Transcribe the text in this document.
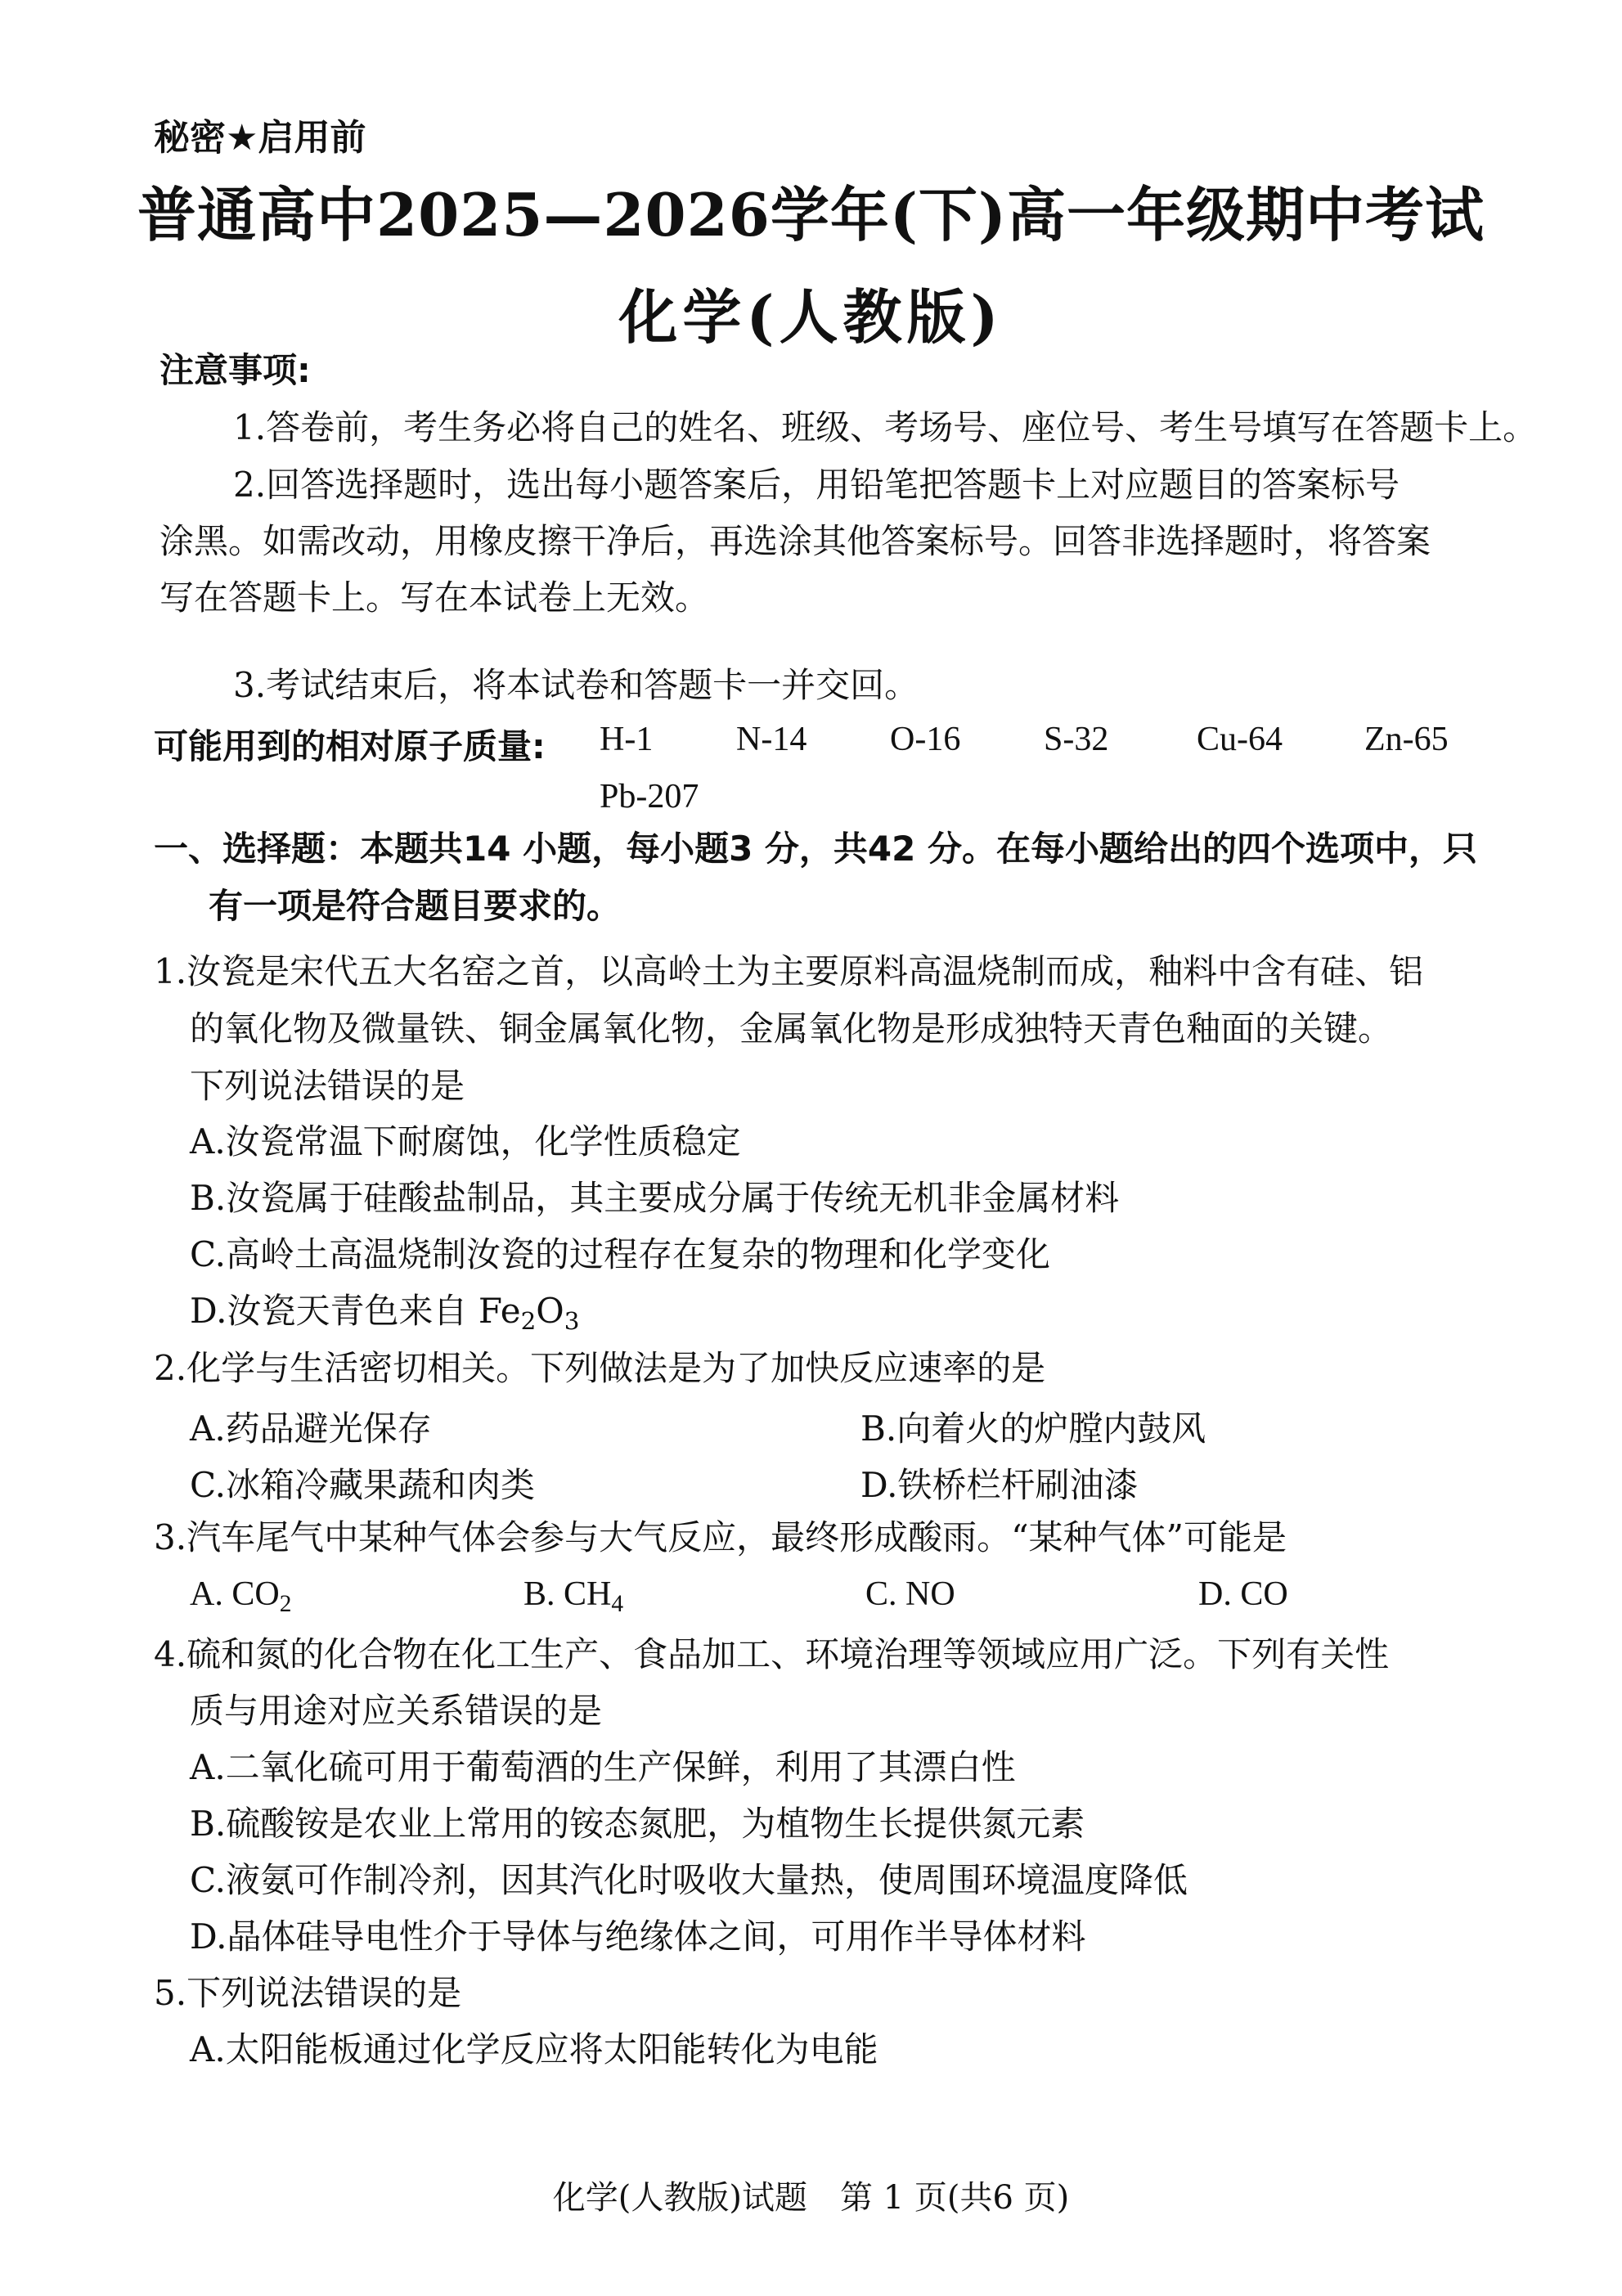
秘密★启用前
普通高中2025—2026学年(下)高一年级期中考试
化学(人教版)
注意事项:
1.答卷前，考生务必将自己的姓名、班级、考场号、座位号、考生号填写在答题卡上。
2.回答选择题时，选出每小题答案后，用铅笔把答题卡上对应题目的答案标号
涂黑。如需改动，用橡皮擦干净后，再选涂其他答案标号。回答非选择题时，将答案
写在答题卡上。写在本试卷上无效。
3.考试结束后，将本试卷和答题卡一并交回。
可能用到的相对原子质量: H-1 N-14 O-16 S-32	Cu-64 Zn-65
Pb-207
一、选择题：本题共14 小题，每小题3 分，共42 分。在每小题给出的四个选项中，只
有一项是符合题目要求的。
1.汝瓷是宋代五大名窑之首，以高岭土为主要原料高温烧制而成，釉料中含有硅、铝
的氧化物及微量铁、铜金属氧化物，金属氧化物是形成独特天青色釉面的关键。
下列说法错误的是
A.汝瓷常温下耐腐蚀，化学性质稳定
B.汝瓷属于硅酸盐制品，其主要成分属于传统无机非金属材料
C.高岭土高温烧制汝瓷的过程存在复杂的物理和化学变化
D.汝瓷天青色来自 $Fe_2O_3$
2.化学与生活密切相关。下列做法是为了加快反应速率的是
A.药品避光保存	B.向着火的炉膛内鼓风
C.冰箱冷藏果蔬和肉类	D.铁桥栏杆刷油漆
3.汽车尾气中某种气体会参与大气反应，最终形成酸雨。“某种气体”可能是
A. $CO_2$	B. $CH_4$	C. NO	D. CO
4.硫和氮的化合物在化工生产、食品加工、环境治理等领域应用广泛。下列有关性
质与用途对应关系错误的是
A.二氧化硫可用于葡萄酒的生产保鲜，利用了其漂白性
B.硫酸铵是农业上常用的铵态氮肥，为植物生长提供氮元素
C.液氨可作制冷剂，因其汽化时吸收大量热，使周围环境温度降低
D.晶体硅导电性介于导体与绝缘体之间，可用作半导体材料
5.下列说法错误的是
A.太阳能板通过化学反应将太阳能转化为电能
化学(人教版)试题　第 1 页(共6 页)
